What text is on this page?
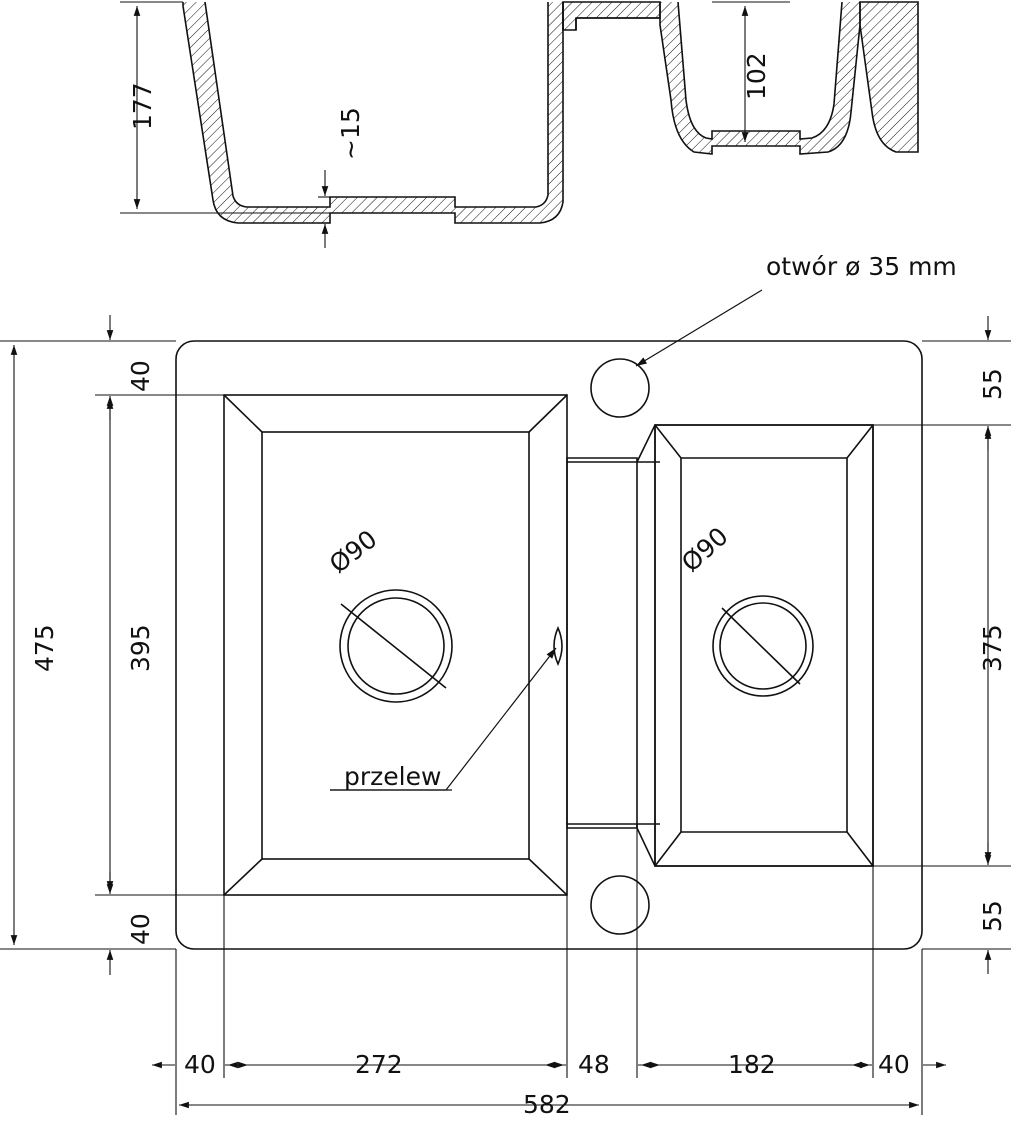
177
~15
102
otwór ø 35 mm
przelew
Ø90	Ø90
475	395
40
40
55
375
55
40	272	48	182	40
582
